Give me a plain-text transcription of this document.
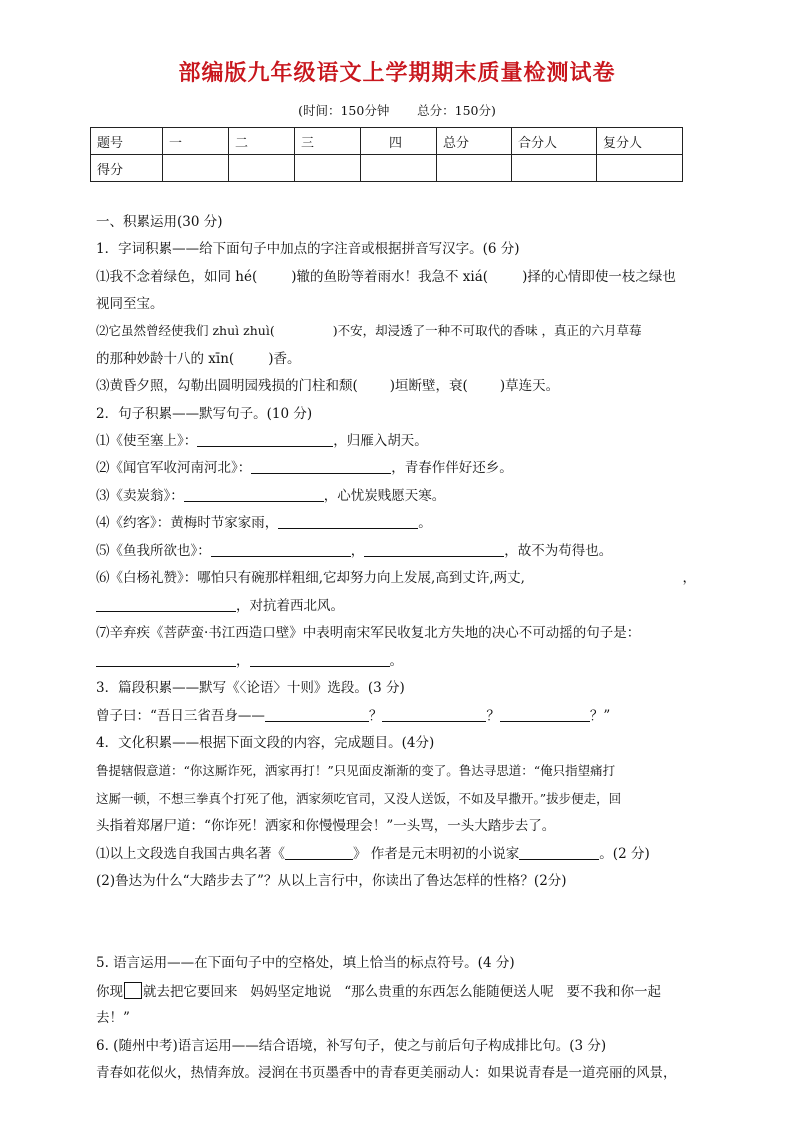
部编版九年级语文上学期期末质量检测试卷
(时间：150分钟 总分：150分)
题号	一	二	三	四	总分	合分人	复分人
得分							
一、积累运用(30 分)
1．字词积累——给下面句子中加点的字注音或根据拼音写汉字。(6 分)
⑴我不念着绿色，如同 hé(	)辙的鱼盼等着雨水！我急不 xiá(	)择的心情即使一枝之绿也
视同至宝。
⑵它虽然曾经使我们 zhuì zhuì(	)不安，却浸透了一种不可取代的香味 ，真正的六月草莓
的那种妙龄十八的 xīn(	)香。
⑶黄昏夕照，勾勒出圆明园残损的门柱和颓( )垣断壁，衰( )草连天。
2．句子积累——默写句子。(10 分)
⑴《使至塞上》：	，归雁入胡天。
⑵《闻官军收河南河北》：	，青春作伴好还乡。
⑶《卖炭翁》：	，心忧炭贱愿天寒。
⑷《约客》：黄梅时节家家雨，	。
⑸《鱼我所欲也》：	，	，故不为苟得也。
⑹《白杨礼赞》：哪怕只有碗那样粗细,它却努力向上发展,高到丈许,两丈,	，
，对抗着西北风。
⑺辛弃疾《菩萨蛮·书江西造口壁》中表明南宋军民收复北方失地的决心不可动摇的句子是：
，	。
3．篇段积累——默写《〈论语〉十则》选段。(3 分)
曾子曰：“吾日三省吾身——	？	？	？”
4．文化积累——根据下面文段的内容，完成题目。(4分)
鲁提辖假意道：“你这厮诈死，洒家再打！”只见面皮渐渐的变了。鲁达寻思道：“俺只指望痛打
这厮一顿，不想三拳真个打死了他，洒家须吃官司，又没人送饭，不如及早撒开。”拔步便走，回
头指着郑屠尸道：“你诈死！洒家和你慢慢理会！”一头骂，一头大踏步去了。
⑴以上文段选自我国古典名著《	》 作者是元末明初的小说家	。(2 分)
(2)鲁达为什么“大踏步去了”？从以上言行中，你读出了鲁达怎样的性格？(2分)
5. 语言运用——在下面句子中的空格处，填上恰当的标点符号。(4 分)
你现 就去把它要回来   妈妈坚定地说   “那么贵重的东西怎么能随便送人呢   要不我和你一起
去！”
6. (随州中考)语言运用——结合语境，补写句子，使之与前后句子构成排比句。(3 分)
青春如花似火，热情奔放。浸润在书页墨香中的青春更美丽动人：如果说青春是一道亮丽的风景，
